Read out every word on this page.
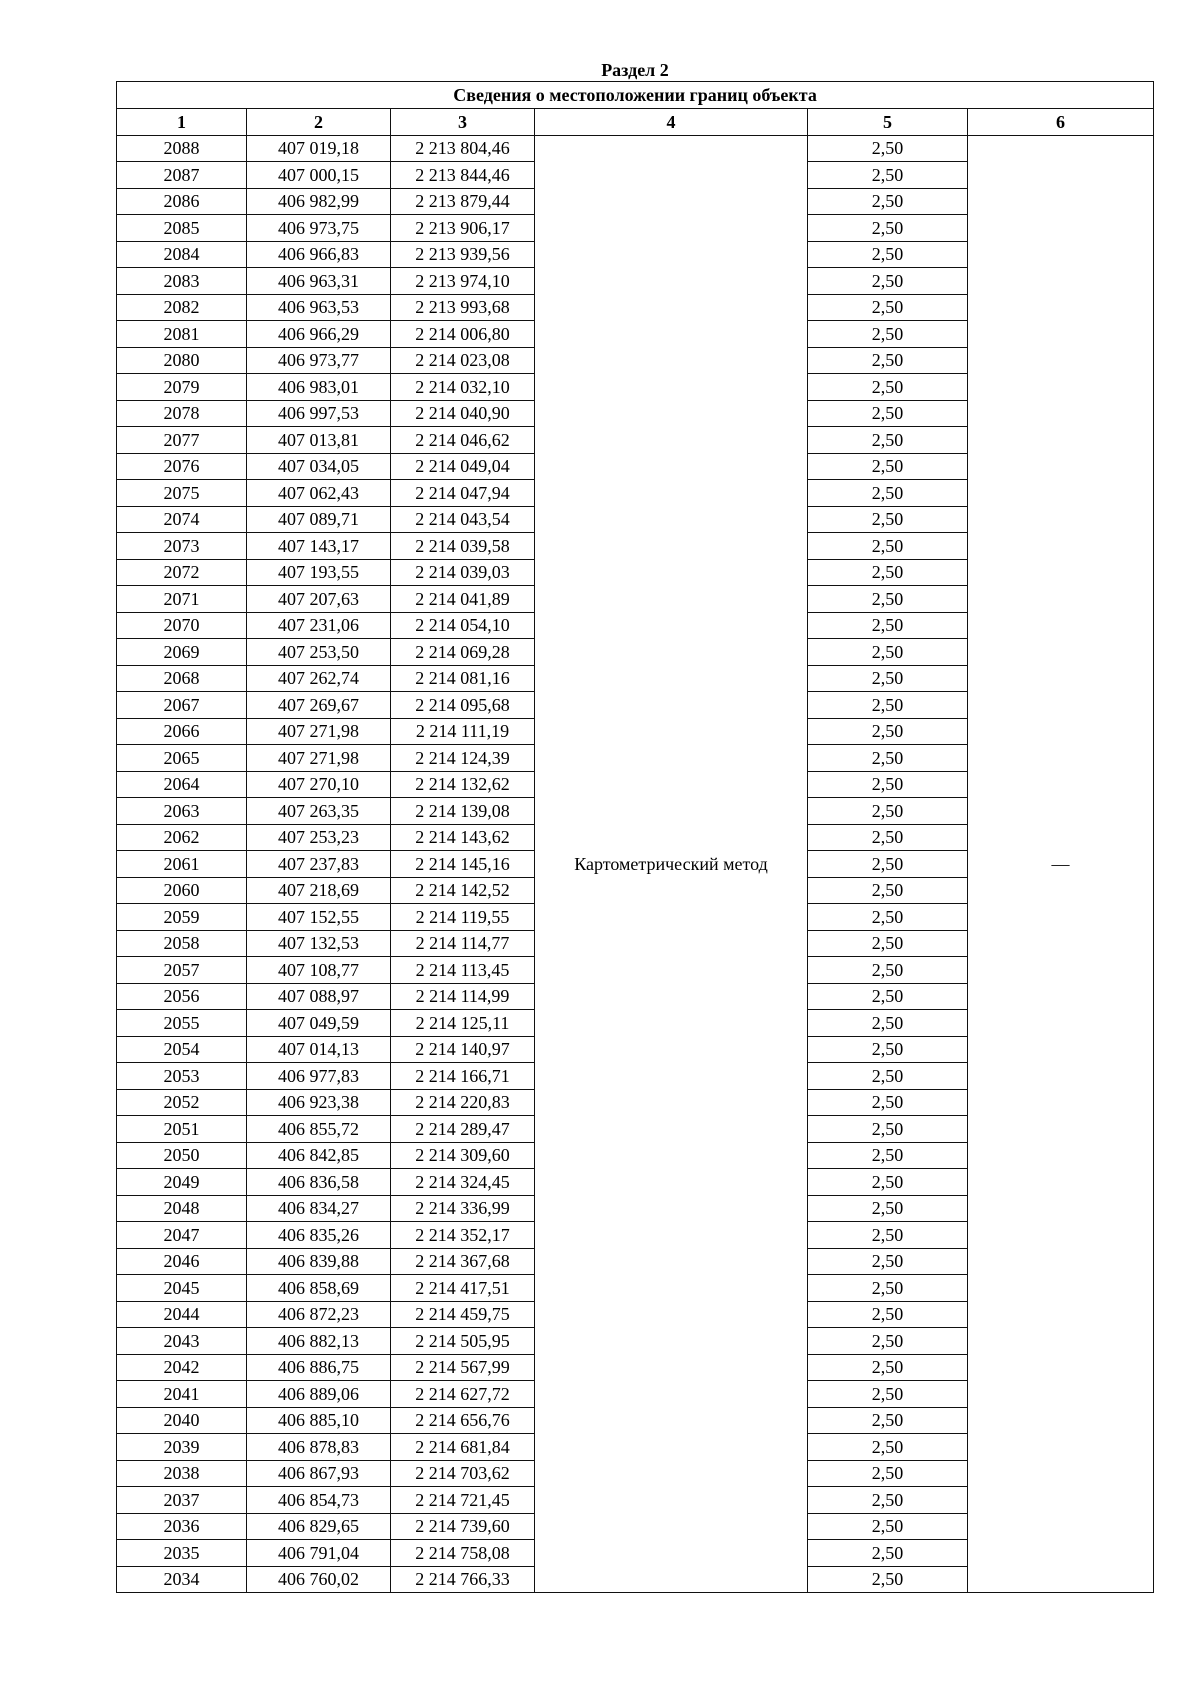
Раздел 2
Сведения о местоположении границ объекта					
1	2	3	4	5	6
2088	407 019,18	2 213 804,46	Картометрический метод	2,50	—
2087	407 000,15	2 213 844,46		2,50	
2086	406 982,99	2 213 879,44		2,50	
2085	406 973,75	2 213 906,17		2,50	
2084	406 966,83	2 213 939,56		2,50	
2083	406 963,31	2 213 974,10		2,50	
2082	406 963,53	2 213 993,68		2,50	
2081	406 966,29	2 214 006,80		2,50	
2080	406 973,77	2 214 023,08		2,50	
2079	406 983,01	2 214 032,10		2,50	
2078	406 997,53	2 214 040,90		2,50	
2077	407 013,81	2 214 046,62		2,50	
2076	407 034,05	2 214 049,04		2,50	
2075	407 062,43	2 214 047,94		2,50	
2074	407 089,71	2 214 043,54		2,50	
2073	407 143,17	2 214 039,58		2,50	
2072	407 193,55	2 214 039,03		2,50	
2071	407 207,63	2 214 041,89		2,50	
2070	407 231,06	2 214 054,10		2,50	
2069	407 253,50	2 214 069,28		2,50	
2068	407 262,74	2 214 081,16		2,50	
2067	407 269,67	2 214 095,68		2,50	
2066	407 271,98	2 214 111,19		2,50	
2065	407 271,98	2 214 124,39		2,50	
2064	407 270,10	2 214 132,62		2,50	
2063	407 263,35	2 214 139,08		2,50	
2062	407 253,23	2 214 143,62		2,50	
2061	407 237,83	2 214 145,16		2,50	
2060	407 218,69	2 214 142,52		2,50	
2059	407 152,55	2 214 119,55		2,50	
2058	407 132,53	2 214 114,77		2,50	
2057	407 108,77	2 214 113,45		2,50	
2056	407 088,97	2 214 114,99		2,50	
2055	407 049,59	2 214 125,11		2,50	
2054	407 014,13	2 214 140,97		2,50	
2053	406 977,83	2 214 166,71		2,50	
2052	406 923,38	2 214 220,83		2,50	
2051	406 855,72	2 214 289,47		2,50	
2050	406 842,85	2 214 309,60		2,50	
2049	406 836,58	2 214 324,45		2,50	
2048	406 834,27	2 214 336,99		2,50	
2047	406 835,26	2 214 352,17		2,50	
2046	406 839,88	2 214 367,68		2,50	
2045	406 858,69	2 214 417,51		2,50	
2044	406 872,23	2 214 459,75		2,50	
2043	406 882,13	2 214 505,95		2,50	
2042	406 886,75	2 214 567,99		2,50	
2041	406 889,06	2 214 627,72		2,50	
2040	406 885,10	2 214 656,76		2,50	
2039	406 878,83	2 214 681,84		2,50	
2038	406 867,93	2 214 703,62		2,50	
2037	406 854,73	2 214 721,45		2,50	
2036	406 829,65	2 214 739,60		2,50	
2035	406 791,04	2 214 758,08		2,50	
2034	406 760,02	2 214 766,33		2,50	
